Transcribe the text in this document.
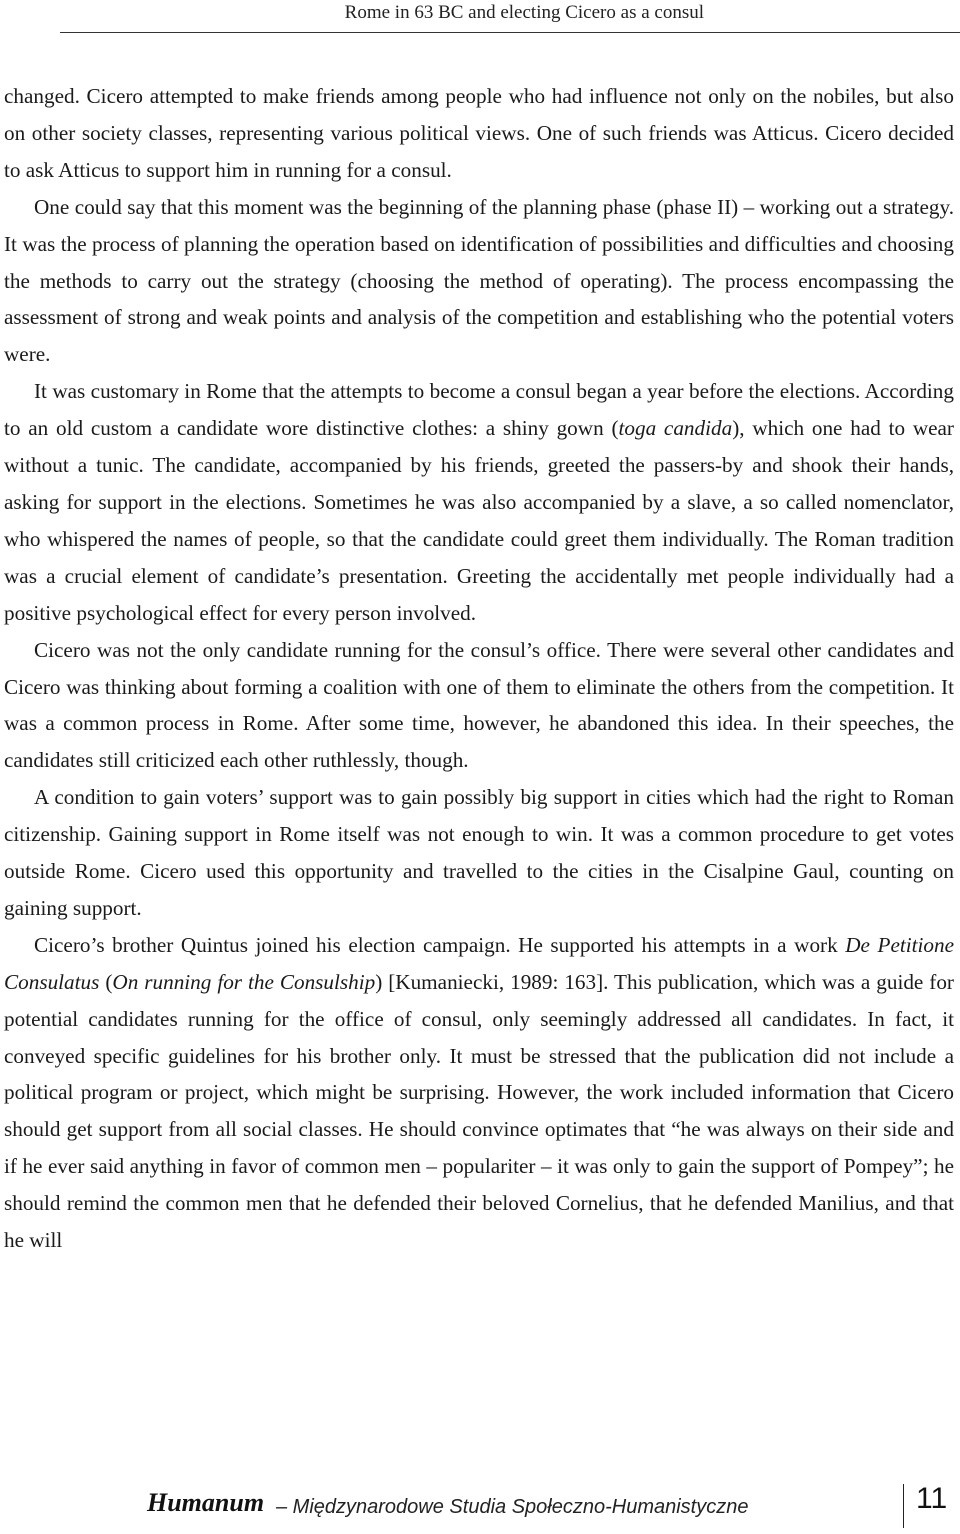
Rome in 63 BC and electing Cicero as a consul

changed. Cicero attempted to make friends among people who had influence not only on the nobiles, but also on other society classes, representing various political views. One of such friends was Atticus. Cicero decided to ask Atticus to support him in running for a consul.

One could say that this moment was the beginning of the planning phase (phase II) – working out a strategy. It was the process of planning the operation based on identification of possibilities and difficulties and choosing the methods to carry out the strategy (choosing the method of operating). The process encompassing the assessment of strong and weak points and analysis of the competition and establishing who the potential voters were.

It was customary in Rome that the attempts to become a consul began a year before the elections. According to an old custom a candidate wore distinctive clothes: a shiny gown (toga candida), which one had to wear without a tunic. The candidate, accompanied by his friends, greeted the passers-by and shook their hands, asking for support in the elections. Sometimes he was also accompanied by a slave, a so called nomenclator, who whispered the names of people, so that the candidate could greet them individually. The Roman tradition was a crucial element of candidate’s presentation. Greeting the accidentally met people individually had a positive psychological effect for every person involved.

Cicero was not the only candidate running for the consul’s office. There were several other candidates and Cicero was thinking about forming a coalition with one of them to eliminate the others from the competition. It was a common process in Rome. After some time, however, he abandoned this idea. In their speeches, the candidates still criticized each other ruthlessly, though.

A condition to gain voters’ support was to gain possibly big support in cities which had the right to Roman citizenship. Gaining support in Rome itself was not enough to win. It was a common procedure to get votes outside Rome. Cicero used this opportunity and travelled to the cities in the Cisalpine Gaul, counting on gaining support.

Cicero’s brother Quintus joined his election campaign. He supported his attempts in a work De Petitione Consulatus (On running for the Consulship) [Kumaniecki, 1989: 163]. This publication, which was a guide for potential candidates running for the office of consul, only seemingly addressed all candidates. In fact, it conveyed specific guidelines for his brother only. It must be stressed that the publication did not include a political program or project, which might be surprising. However, the work included information that Cicero should get support from all social classes. He should convince optimates that “he was always on their side and if he ever said anything in favor of common men – popularite​r – it was only to gain the support of Pompey”; he should remind the common men that he defended their beloved Cornelius, that he defended Manilius, and that he will

Humanum – Międzynarodowe Studia Społeczno-Humanistyczne	11
